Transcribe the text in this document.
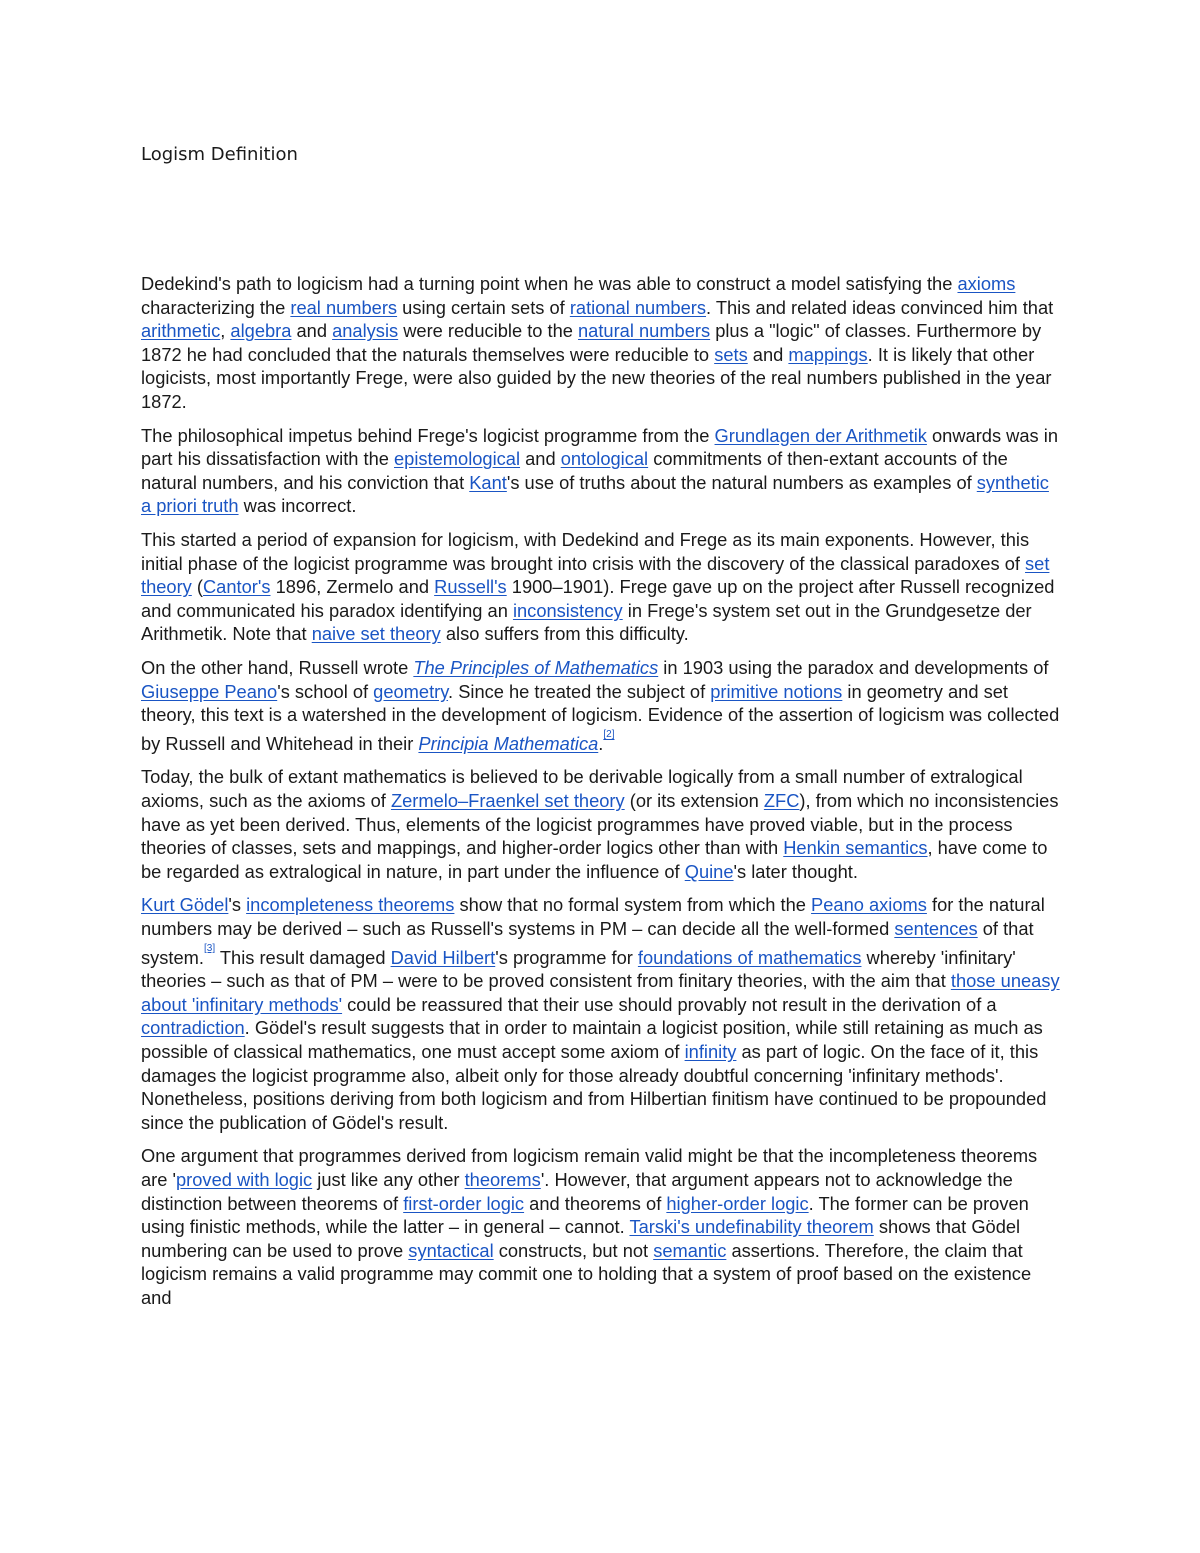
Logism Definition

Dedekind's path to logicism had a turning point when he was able to construct a model satisfying the axioms characterizing the real numbers using certain sets of rational numbers. This and related ideas convinced him that arithmetic, algebra and analysis were reducible to the natural numbers plus a "logic" of classes. Furthermore by 1872 he had concluded that the naturals themselves were reducible to sets and mappings. It is likely that other logicists, most importantly Frege, were also guided by the new theories of the real numbers published in the year 1872.

The philosophical impetus behind Frege's logicist programme from the Grundlagen der Arithmetik onwards was in part his dissatisfaction with the epistemological and ontological commitments of then-extant accounts of the natural numbers, and his conviction that Kant's use of truths about the natural numbers as examples of synthetic a priori truth was incorrect.

This started a period of expansion for logicism, with Dedekind and Frege as its main exponents. However, this initial phase of the logicist programme was brought into crisis with the discovery of the classical paradoxes of set theory (Cantor's 1896, Zermelo and Russell's 1900–1901). Frege gave up on the project after Russell recognized and communicated his paradox identifying an inconsistency in Frege's system set out in the Grundgesetze der Arithmetik. Note that naive set theory also suffers from this difficulty.

On the other hand, Russell wrote The Principles of Mathematics in 1903 using the paradox and developments of Giuseppe Peano's school of geometry. Since he treated the subject of primitive notions in geometry and set theory, this text is a watershed in the development of logicism. Evidence of the assertion of logicism was collected by Russell and Whitehead in their Principia Mathematica.[2]

Today, the bulk of extant mathematics is believed to be derivable logically from a small number of extralogical axioms, such as the axioms of Zermelo–Fraenkel set theory (or its extension ZFC), from which no inconsistencies have as yet been derived. Thus, elements of the logicist programmes have proved viable, but in the process theories of classes, sets and mappings, and higher-order logics other than with Henkin semantics, have come to be regarded as extralogical in nature, in part under the influence of Quine's later thought.

Kurt Gödel's incompleteness theorems show that no formal system from which the Peano axioms for the natural numbers may be derived – such as Russell's systems in PM – can decide all the well-formed sentences of that system.[3] This result damaged David Hilbert's programme for foundations of mathematics whereby 'infinitary' theories – such as that of PM – were to be proved consistent from finitary theories, with the aim that those uneasy about 'infinitary methods' could be reassured that their use should provably not result in the derivation of a contradiction. Gödel's result suggests that in order to maintain a logicist position, while still retaining as much as possible of classical mathematics, one must accept some axiom of infinity as part of logic. On the face of it, this damages the logicist programme also, albeit only for those already doubtful concerning 'infinitary methods'. Nonetheless, positions deriving from both logicism and from Hilbertian finitism have continued to be propounded since the publication of Gödel's result.

One argument that programmes derived from logicism remain valid might be that the incompleteness theorems are 'proved with logic just like any other theorems'. However, that argument appears not to acknowledge the distinction between theorems of first-order logic and theorems of higher-order logic. The former can be proven using finistic methods, while the latter – in general – cannot. Tarski's undefinability theorem shows that Gödel numbering can be used to prove syntactical constructs, but not semantic assertions. Therefore, the claim that logicism remains a valid programme may commit one to holding that a system of proof based on the existence and
